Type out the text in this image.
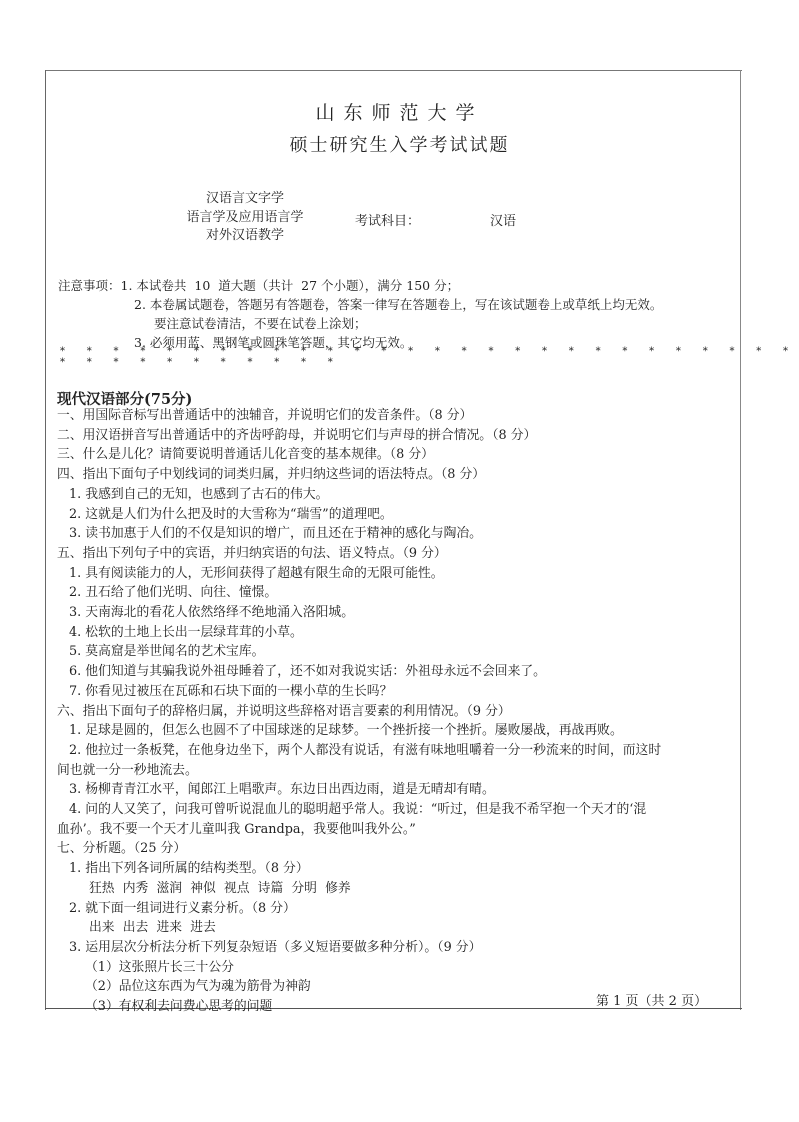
山东师范大学
硕士研究生入学考试试题
汉语言文字学
语言学及应用语言学
对外汉语教学
考试科目：	汉语
注意事项：1. 本试卷共  10  道大题（共计  27 个小题），满分 150 分；
2. 本卷属试题卷，答题另有答题卷，答案一律写在答题卷上，写在该试题卷上或草纸上均无效。
要注意试卷清洁，不要在试卷上涂划；
3. 必须用蓝、黑钢笔或圆珠笔答题，其它均无效。
* * * * * * * * * * * * * * * * * * * * * * * * * * * * * * * * * * * * * * *
现代汉语部分(75分)
一、用国际音标写出普通话中的浊辅音，并说明它们的发音条件。（8 分）
二、用汉语拼音写出普通话中的齐齿呼韵母，并说明它们与声母的拼合情况。（8 分）
三、什么是儿化？请简要说明普通话儿化音变的基本规律。（8 分）
四、指出下面句子中划线词的词类归属，并归纳这些词的语法特点。（8 分）
1. 我感到自己的无知，也感到了古石的伟大。
2. 这就是人们为什么把及时的大雪称为“瑞雪”的道理吧。
3. 读书加惠于人们的不仅是知识的增广，而且还在于精神的感化与陶冶。
五、指出下列句子中的宾语，并归纳宾语的句法、语义特点。（9 分）
1. 具有阅读能力的人，无形间获得了超越有限生命的无限可能性。
2. 丑石给了他们光明、向往、憧憬。
3. 天南海北的看花人依然络绎不绝地涌入洛阳城。
4. 松软的土地上长出一层绿茸茸的小草。
5. 莫高窟是举世闻名的艺术宝库。
6. 他们知道与其骗我说外祖母睡着了，还不如对我说实话：外祖母永远不会回来了。
7. 你看见过被压在瓦砾和石块下面的一棵小草的生长吗？
六、指出下面句子的辞格归属，并说明这些辞格对语言要素的利用情况。（9 分）
1. 足球是圆的，但怎么也圆不了中国球迷的足球梦。一个挫折接一个挫折。屡败屡战，再战再败。
2. 他拉过一条板凳，在他身边坐下，两个人都没有说话，有滋有味地咀嚼着一分一秒流来的时间，而这时
间也就一分一秒地流去。
3. 杨柳青青江水平，闻郎江上唱歌声。东边日出西边雨，道是无晴却有晴。
4. 问的人又笑了，问我可曾听说混血儿的聪明超乎常人。我说：“听过，但是我不希罕抱一个天才的‘混
血孙’。我不要一个天才儿童叫我 Grandpa，我要他叫我外公。”
七、分析题。（25 分）
1. 指出下列各词所属的结构类型。（8 分）
狂热  内秀  滋润  神似  视点  诗篇  分明  修养
2. 就下面一组词进行义素分析。（8 分）
出来  出去  进来  进去
3. 运用层次分析法分析下列复杂短语（多义短语要做多种分析）。（9 分）
（1）这张照片长三十公分
（2）品位这东西为气为魂为筋骨为神韵
（3）有权利去问费心思考的问题	第 1 页（共 2 页）
